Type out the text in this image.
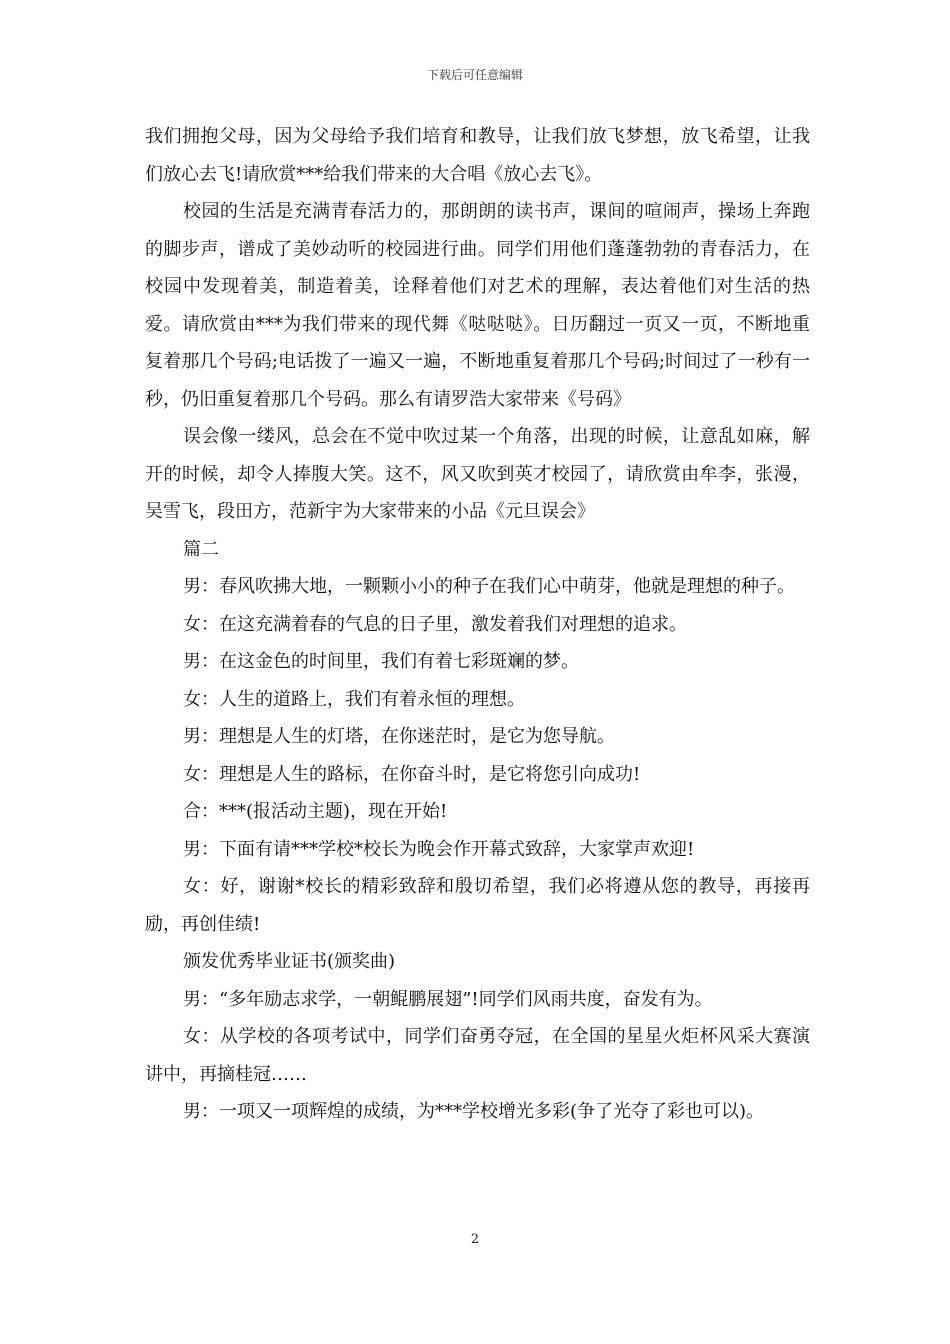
下载后可任意编辑

我们拥抱父母，因为父母给予我们培育和教导，让我们放飞梦想，放飞希望，让我们放心去飞!请欣赏***给我们带来的大合唱《放心去飞》。

校园的生活是充满青春活力的，那朗朗的读书声，课间的喧闹声，操场上奔跑的脚步声，谱成了美妙动听的校园进行曲。同学们用他们蓬蓬勃勃的青春活力，在校园中发现着美，制造着美，诠释着他们对艺术的理解，表达着他们对生活的热爱。请欣赏由***为我们带来的现代舞《哒哒哒》。日历翻过一页又一页，不断地重复着那几个号码;电话拨了一遍又一遍，不断地重复着那几个号码;时间过了一秒有一秒，仍旧重复着那几个号码。那么有请罗浩大家带来《号码》

误会像一缕风，总会在不觉中吹过某一个角落，出现的时候，让意乱如麻，解开的时候，却令人捧腹大笑。这不，风又吹到英才校园了，请欣赏由牟李，张漫，吴雪飞，段田方，范新宇为大家带来的小品《元旦误会》

篇二

男：春风吹拂大地，一颗颗小小的种子在我们心中萌芽，他就是理想的种子。

女：在这充满着春的气息的日子里，激发着我们对理想的追求。

男：在这金色的时间里，我们有着七彩斑斓的梦。

女：人生的道路上，我们有着永恒的理想。

男：理想是人生的灯塔，在你迷茫时，是它为您导航。

女：理想是人生的路标，在你奋斗时，是它将您引向成功!

合：***(报活动主题)，现在开始!

男：下面有请***学校*校长为晚会作开幕式致辞，大家掌声欢迎!

女：好，谢谢*校长的精彩致辞和殷切希望，我们必将遵从您的教导，再接再励，再创佳绩!

颁发优秀毕业证书(颁奖曲)

男：“多年励志求学，一朝鲲鹏展翅”!同学们风雨共度，奋发有为。

女：从学校的各项考试中，同学们奋勇夺冠，在全国的星星火炬杯风采大赛演讲中，再摘桂冠……

男：一项又一项辉煌的成绩，为***学校增光多彩(争了光夺了彩也可以)。

2
